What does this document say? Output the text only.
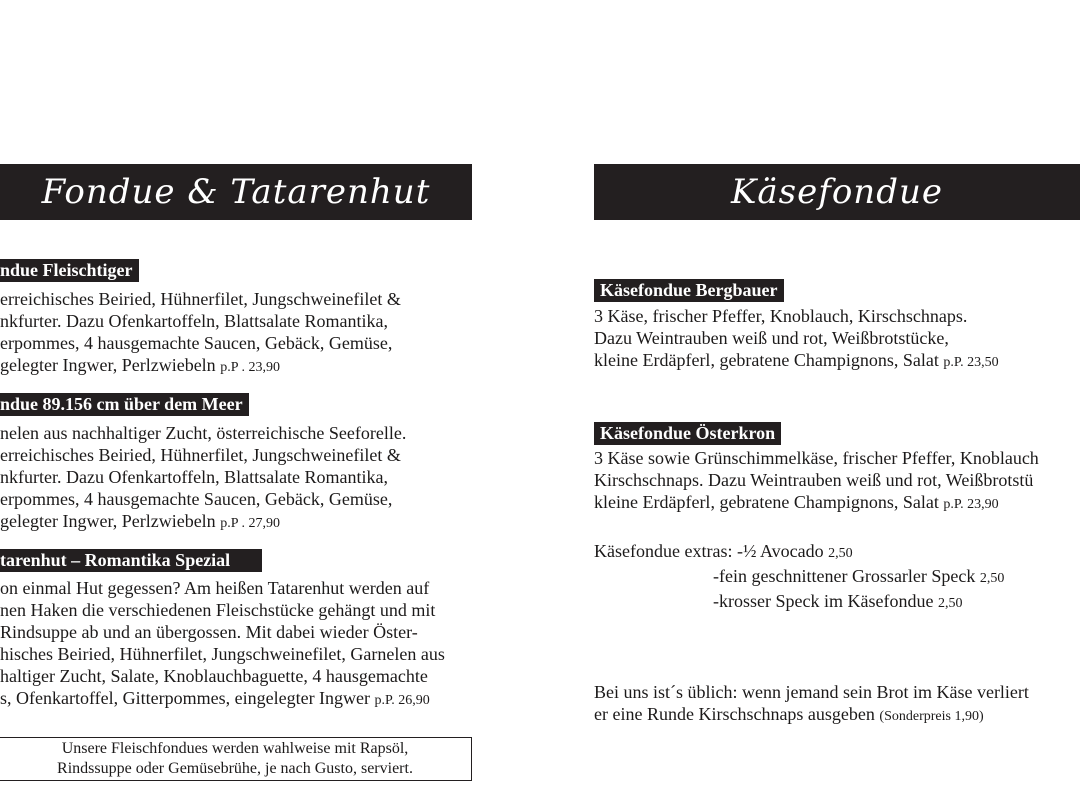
Fondue & Tatarenhut
ndue Fleischtiger
erreichisches Beiried, Hühnerfilet, Jungschweinefilet &
nkfurter. Dazu Ofenkartoffeln, Blattsalate Romantika,
erpommes, 4 hausgemachte Saucen, Gebäck, Gemüse,
gelegter Ingwer, Perlzwiebeln p.P . 23,90
ndue 89.156 cm über dem Meer
nelen aus nachhaltiger Zucht, österreichische Seeforelle.
erreichisches Beiried, Hühnerfilet, Jungschweinefilet &
nkfurter. Dazu Ofenkartoffeln, Blattsalate Romantika,
erpommes, 4 hausgemachte Saucen, Gebäck, Gemüse,
gelegter Ingwer, Perlzwiebeln p.P . 27,90
tarenhut – Romantika Spezial
on einmal Hut gegessen? Am heißen Tatarenhut werden auf
nen Haken die verschiedenen Fleischstücke gehängt und mit
Rindsuppe ab und an übergossen. Mit dabei wieder Öster-
hisches Beiried, Hühnerfilet, Jungschweinefilet, Garnelen aus
haltiger Zucht, Salate, Knoblauchbaguette, 4 hausgemachte
s, Ofenkartoffel, Gitterpommes, eingelegter Ingwer p.P. 26,90
Unsere Fleischfondues werden wahlweise mit Rapsöl,
Rindssuppe oder Gemüsebrühe, je nach Gusto, serviert.
Käsefondue
Käsefondue Bergbauer
3 Käse, frischer Pfeffer, Knoblauch, Kirschschnaps.
Dazu Weintrauben weiß und rot, Weißbrotstücke,
kleine Erdäpferl, gebratene Champignons, Salat p.P. 23,50
Käsefondue Österkron
3 Käse sowie Grünschimmelkäse, frischer Pfeffer, Knoblauch
Kirschschnaps. Dazu Weintrauben weiß und rot, Weißbrotstü
kleine Erdäpferl, gebratene Champignons, Salat p.P. 23,90
Käsefondue extras: -½ Avocado 2,50
-fein geschnittener Grossarler Speck 2,50
-krosser Speck im Käsefondue 2,50
Bei uns ist´s üblich: wenn jemand sein Brot im Käse verliert
er eine Runde Kirschschnaps ausgeben (Sonderpreis 1,90)
